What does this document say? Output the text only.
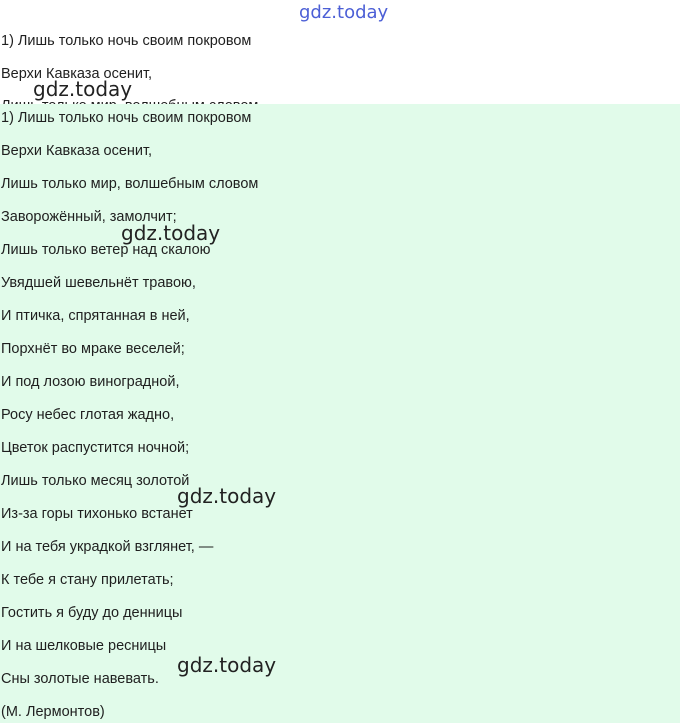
gdz.today
1) Лишь только ночь своим покровом
Верхи Кавказа осенит,
gdz.today
1) Лишь только ночь своим покровом
Верхи Кавказа осенит,
Лишь только мир, волшебным словом
Заворожённый, замолчит;
Лишь только ветер над скалою
Увядшей шевельнёт травою,
И птичка, спрятанная в ней,
Порхнёт во мраке веселей;
И под лозою виноградной,
Росу небес глотая жадно,
Цветок распустится ночной;
Лишь только месяц золотой
Из-за горы тихонько встанет
И на тебя украдкой взглянет, —
К тебе я стану прилетать;
Гостить я буду до денницы
И на шелковые ресницы
Сны золотые навевать.
(М. Лермонтов)
gdz.today
gdz.today
gdz.today
